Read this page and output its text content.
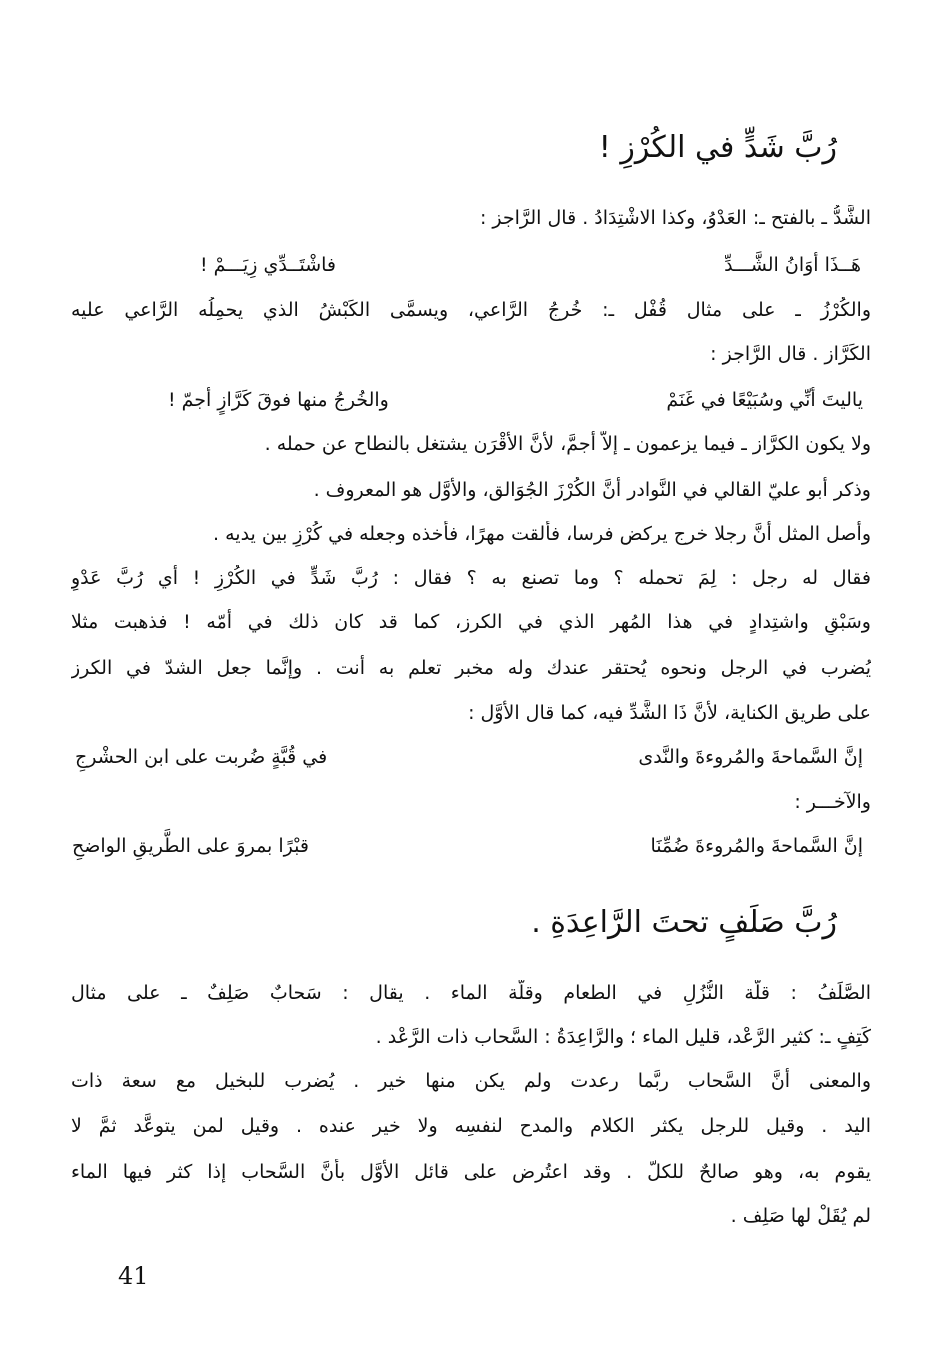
رُبَّ شَدٍّ في الكُرْزِ !
الشَّدُّ ـ بالفتح ـ: العَدْوُ، وكذا الاشْتِدَادُ . قال الرَّاجز :
هَــذَا أوَانُ الشَّـــدِّ
فاشْتَــدِّي زِيَـــمْ !
والكُرْزُ ـ على مثال قُفْل ـ: خُرجُ الرَّاعي، ويسمَّى الكَبْشُ الذي يحمِلُه الرَّاعي عليه
الكَرَّاز . قال الرَّاجز :
ياليتَ أنِّي وسُبَيْعًا في غَنَمْ
والخُرجُ منها فوقَ كَرَّازٍ أجمّ !
ولا يكون الكرَّاز ـ فيما يزعمون ـ إلاَّ أجمَّ، لأنَّ الأقْرَن يشتغل بالنطاح عن حمله .
وذكر أبو عليّ القالي في النَّوادر أنَّ الكُرْزَ الجُوَالق، والأوَّل هو المعروف .
وأصل المثل أنَّ رجلا خرج يركض فرسا، فألقت مهرًا، فأخذه وجعله في كُرْزٍ بين يديه .
فقال له رجل : لِمَ تحمله ؟ وما تصنع به ؟ فقال : رُبَّ شَدٍّ في الكُرْزِ ! أي رُبَّ عَدْوٍ
وسَبْقٍ واشتِدادٍ في هذا المُهر الذي في الكرز، كما قد كان ذلك في أمّه ! فذهبت مثلا
يُضرب في الرجل ونحوه يُحتقر عندك وله مخبر تعلم به أنت . وإنَّما جعل الشدّ في الكرز
على طريق الكناية، لأنَّ ذَا الشَّدِّ فيه، كما قال الأوَّل :
إنَّ السَّماحةَ والمُروءةَ والنَّدى
في قُبَّةٍ ضُربت على ابن الحشْرجِ
والآخـــر :
إنَّ السَّماحةَ والمُروءةَ ضُمِّنَا
قبْرًا بمروَ على الطَّريقِ الواضحِ
رُبَّ صَلَفٍ تحتَ الرَّاعِدَةِ .
الصَّلَفُ : قلَّة النُّزُلِ في الطعام وقلَّة الماء . يقال : سَحابٌ صَلِفٌ ـ على مثال
كَتِفٍ ـ: كثير الرَّعْد، قليل الماء ؛ والرَّاعِدَةُ : السَّحاب ذات الرَّعْد .
والمعنى أنَّ السَّحاب ربَّما رعدت ولم يكن منها خير . يُضرب للبخيل مع سعة ذات
اليد . وقيل للرجل يكثر الكلام والمدح لنفسِه ولا خير عنده . وقيل لمن يتوعَّد ثمَّ لا
يقوم به، وهو صالحٌ للكلّ . وقد اعتُرض على قائل الأوَّل بأنَّ السَّحاب إذا كثر فيها الماء
لم يُقَلْ لها صَلِف .
41
